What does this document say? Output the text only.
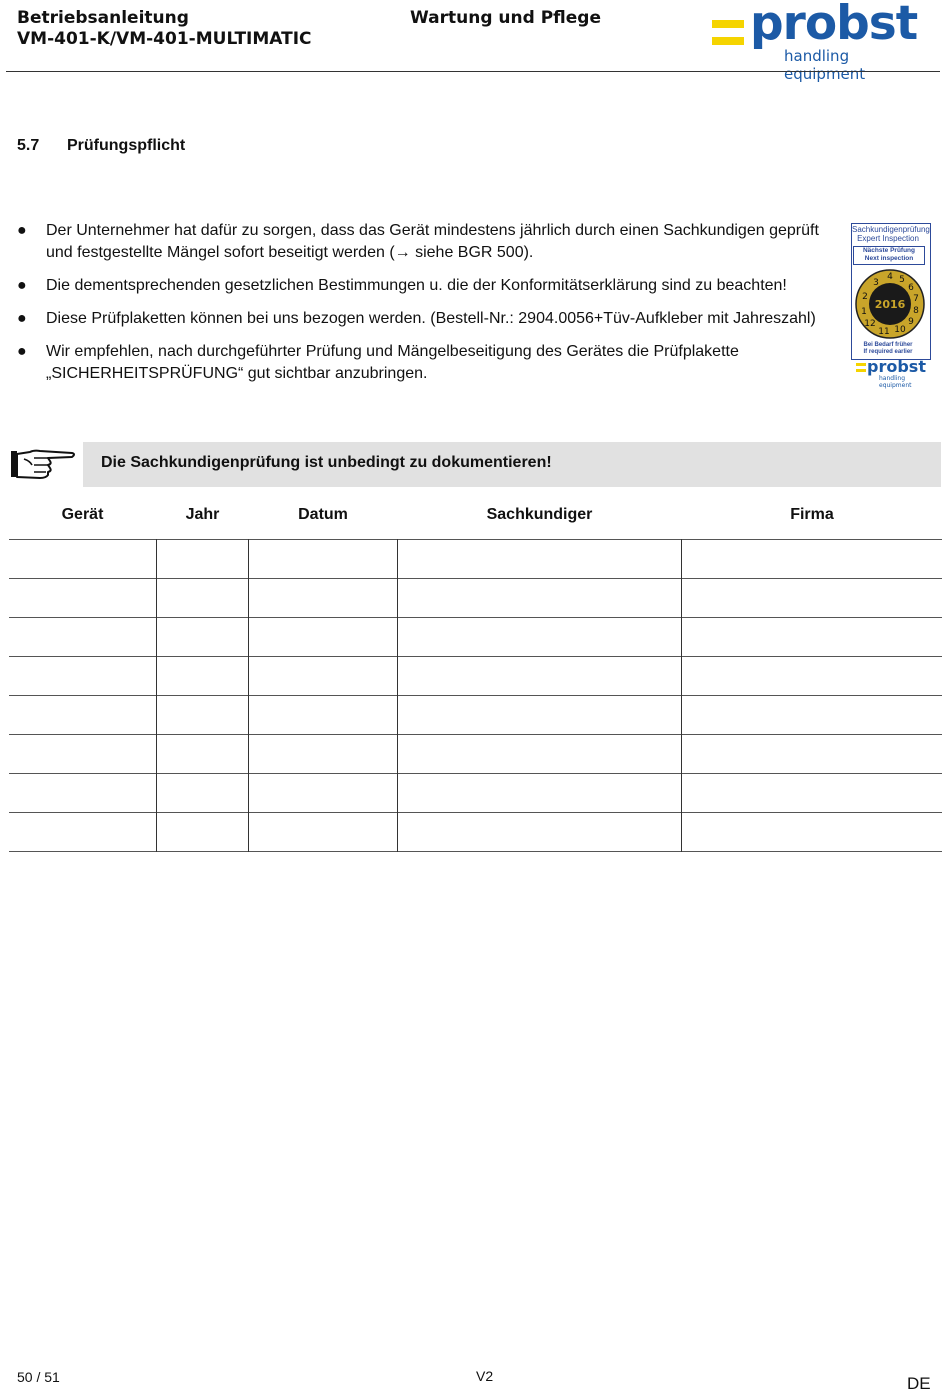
Betriebsanleitung
VM-401-K/VM-401-MULTIMATIC
Wartung und Pflege	probst
handling equipment
5.7 Prüfungspflicht
● Der Unternehmer hat dafür zu sorgen, dass das Gerät mindestens jährlich durch einen Sachkundigen geprüft und festgestellte Mängel sofort beseitigt werden (→ siehe BGR 500).
● Die dementsprechenden gesetzlichen Bestimmungen u. die der Konformitätserklärung sind zu beachten!
● Diese Prüfplaketten können bei uns bezogen werden. (Bestell-Nr.: 2904.0056+Tüv-Aufkleber mit Jahreszahl)
● Wir empfehlen, nach durchgeführter Prüfung und Mängelbeseitigung des Gerätes die Prüfplakette „SICHERHEITSPRÜFUNG“ gut sichtbar anzubringen.
Sachkundigenprüfung
Expert Inspection
Nächste Prüfung
Next inspection
4 5
6
7
8
9
10
11
12
1
2
3
2016
Bei Bedarf früher
If required earlier
probst
handling equipment
Die Sachkundigenprüfung ist unbedingt zu dokumentieren!
Gerät	Jahr	Datum	Sachkundiger	Firma
50 / 51	V2	DE
